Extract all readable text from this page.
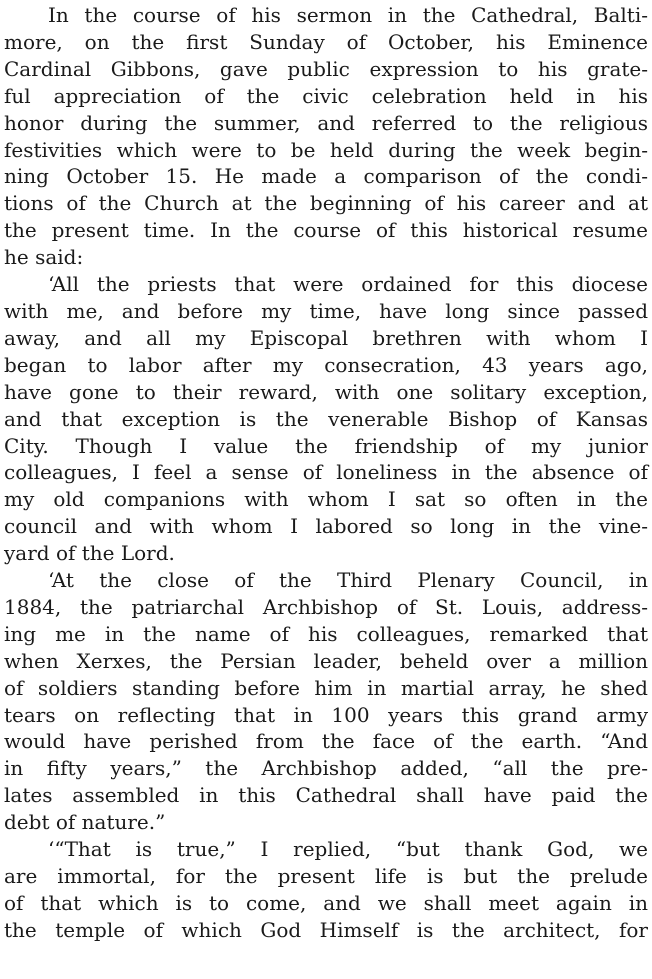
In the course of his sermon in the Cathedral, Balti-
more, on the first Sunday of October, his Eminence
Cardinal Gibbons, gave public expression to his grate-
ful appreciation of the civic celebration held in his
honor during the summer, and referred to the religious
festivities which were to be held during the week begin-
ning October 15. He made a comparison of the condi-
tions of the Church at the beginning of his career and at
the present time. In the course of this historical resume
he said:

‘All the priests that were ordained for this diocese
with me, and before my time, have long since passed
away, and all my Episcopal brethren with whom I
began to labor after my consecration, 43 years ago,
have gone to their reward, with one solitary exception,
and that exception is the venerable Bishop of Kansas
City. Though I value the friendship of my junior
colleagues, I feel a sense of loneliness in the absence of
my old companions with whom I sat so often in the
council and with whom I labored so long in the vine-
yard of the Lord.

‘At the close of the Third Plenary Council, in
1884, the patriarchal Archbishop of St. Louis, address-
ing me in the name of his colleagues, remarked that
when Xerxes, the Persian leader, beheld over a million
of soldiers standing before him in martial array, he shed
tears on reflecting that in 100 years this grand army
would have perished from the face of the earth. “And
in fifty years,” the Archbishop added, “all the pre-
lates assembled in this Cathedral shall have paid the
debt of nature.”

‘“That is true,” I replied, “but thank God, we
are immortal, for the present life is but the prelude
of that which is to come, and we shall meet again in
the temple of which God Himself is the architect, for
